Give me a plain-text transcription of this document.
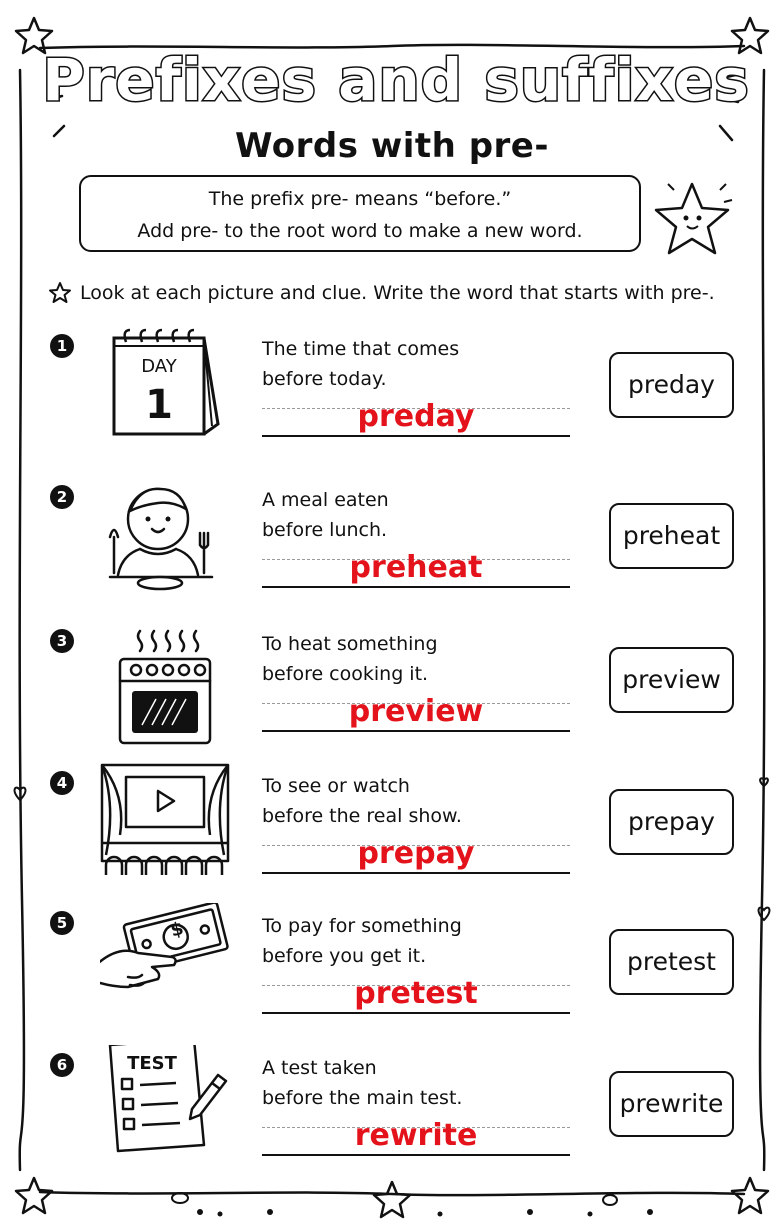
Prefixes and suffixes
Words with pre-
The prefix pre- means “before.”
Add pre- to the root word to make a new word.
Look at each picture and clue. Write the word that starts with pre-.
1
DAY
1
The time that comes
before today.
preday
preday
2	A meal eaten
before lunch.
preheat
preheat
3	To heat something
before cooking it.
preview
preview
4	To see or watch
before the real show.
prepay
prepay
5	$	To pay for something
before you get it.
pretest
pretest
6	TEST	A test taken
before the main test.
rewrite
prewrite
